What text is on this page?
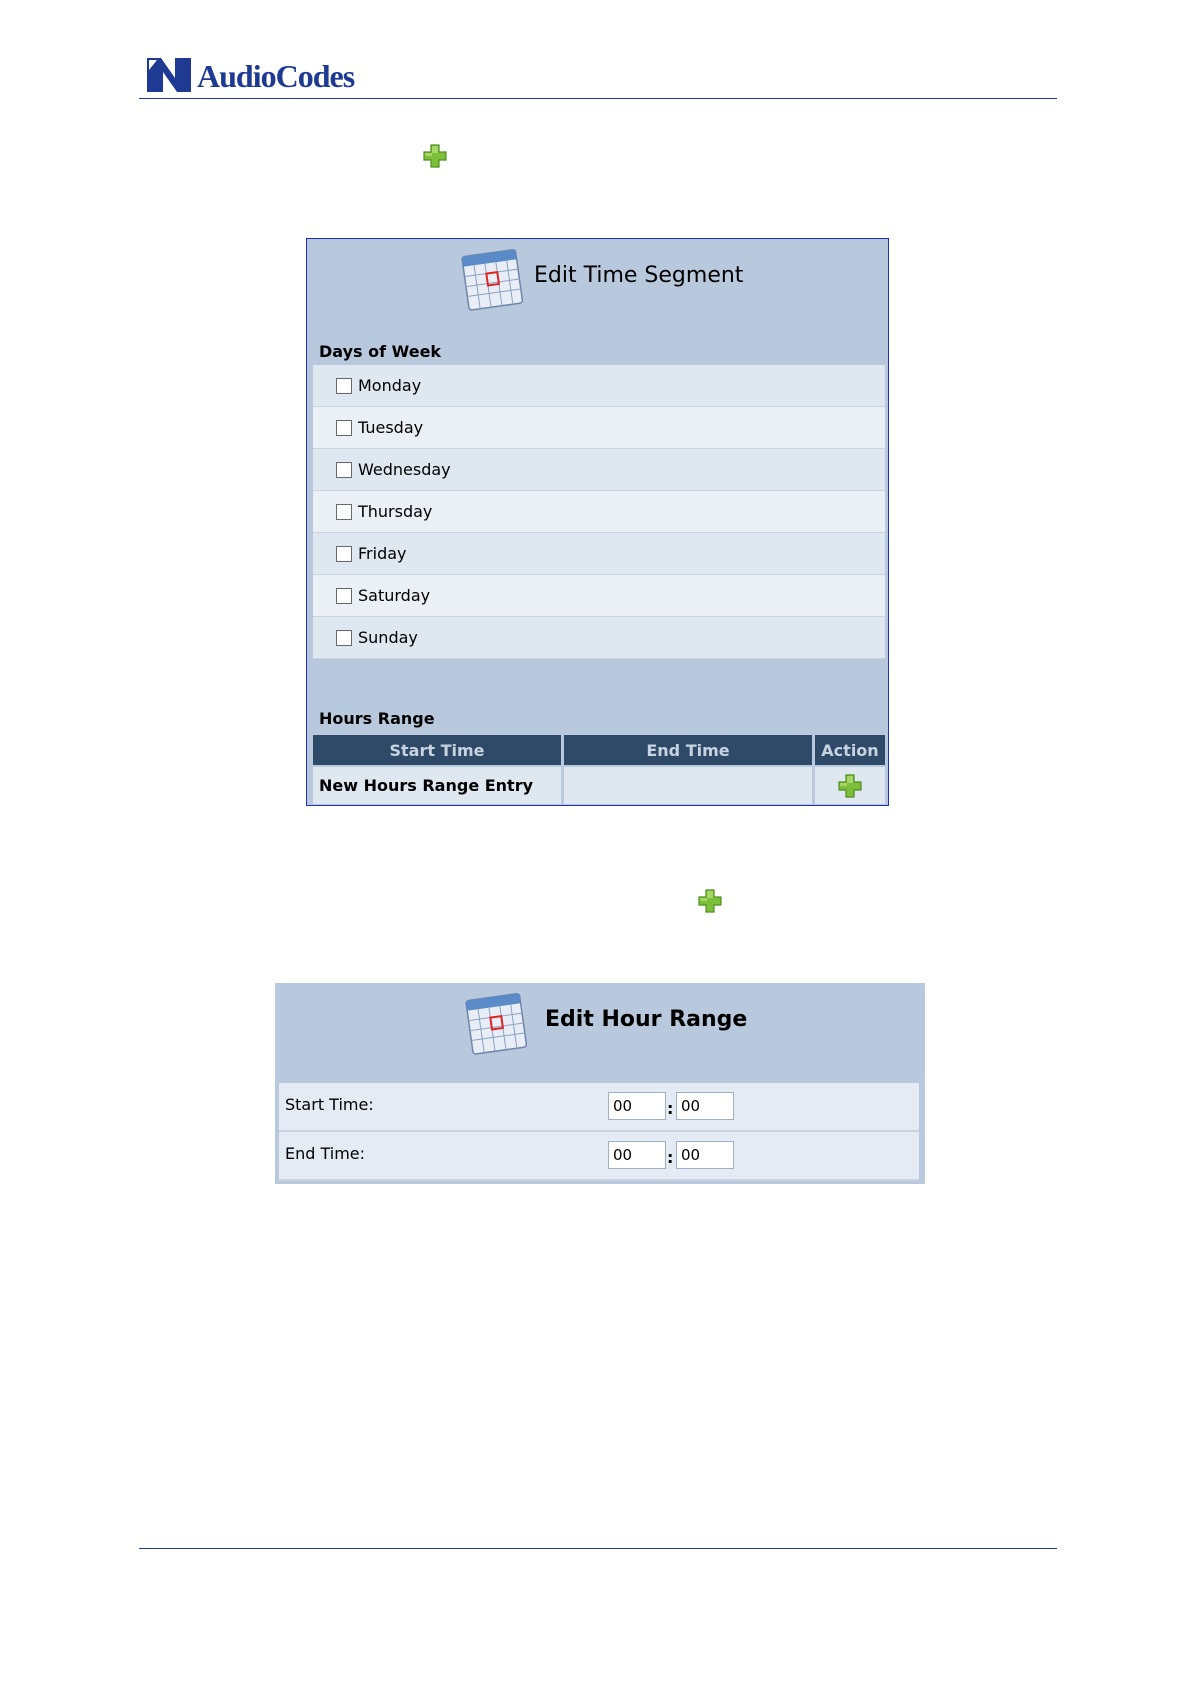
AudioCodes
Edit Time Segment
Days of Week
Monday
Tuesday
Wednesday
Thursday
Friday
Saturday
Sunday
Hours Range
Start Time	End Time	Action
New Hours Range Entry
Edit Hour Range
Start Time:	00	: 00
End Time:	00	: 00
